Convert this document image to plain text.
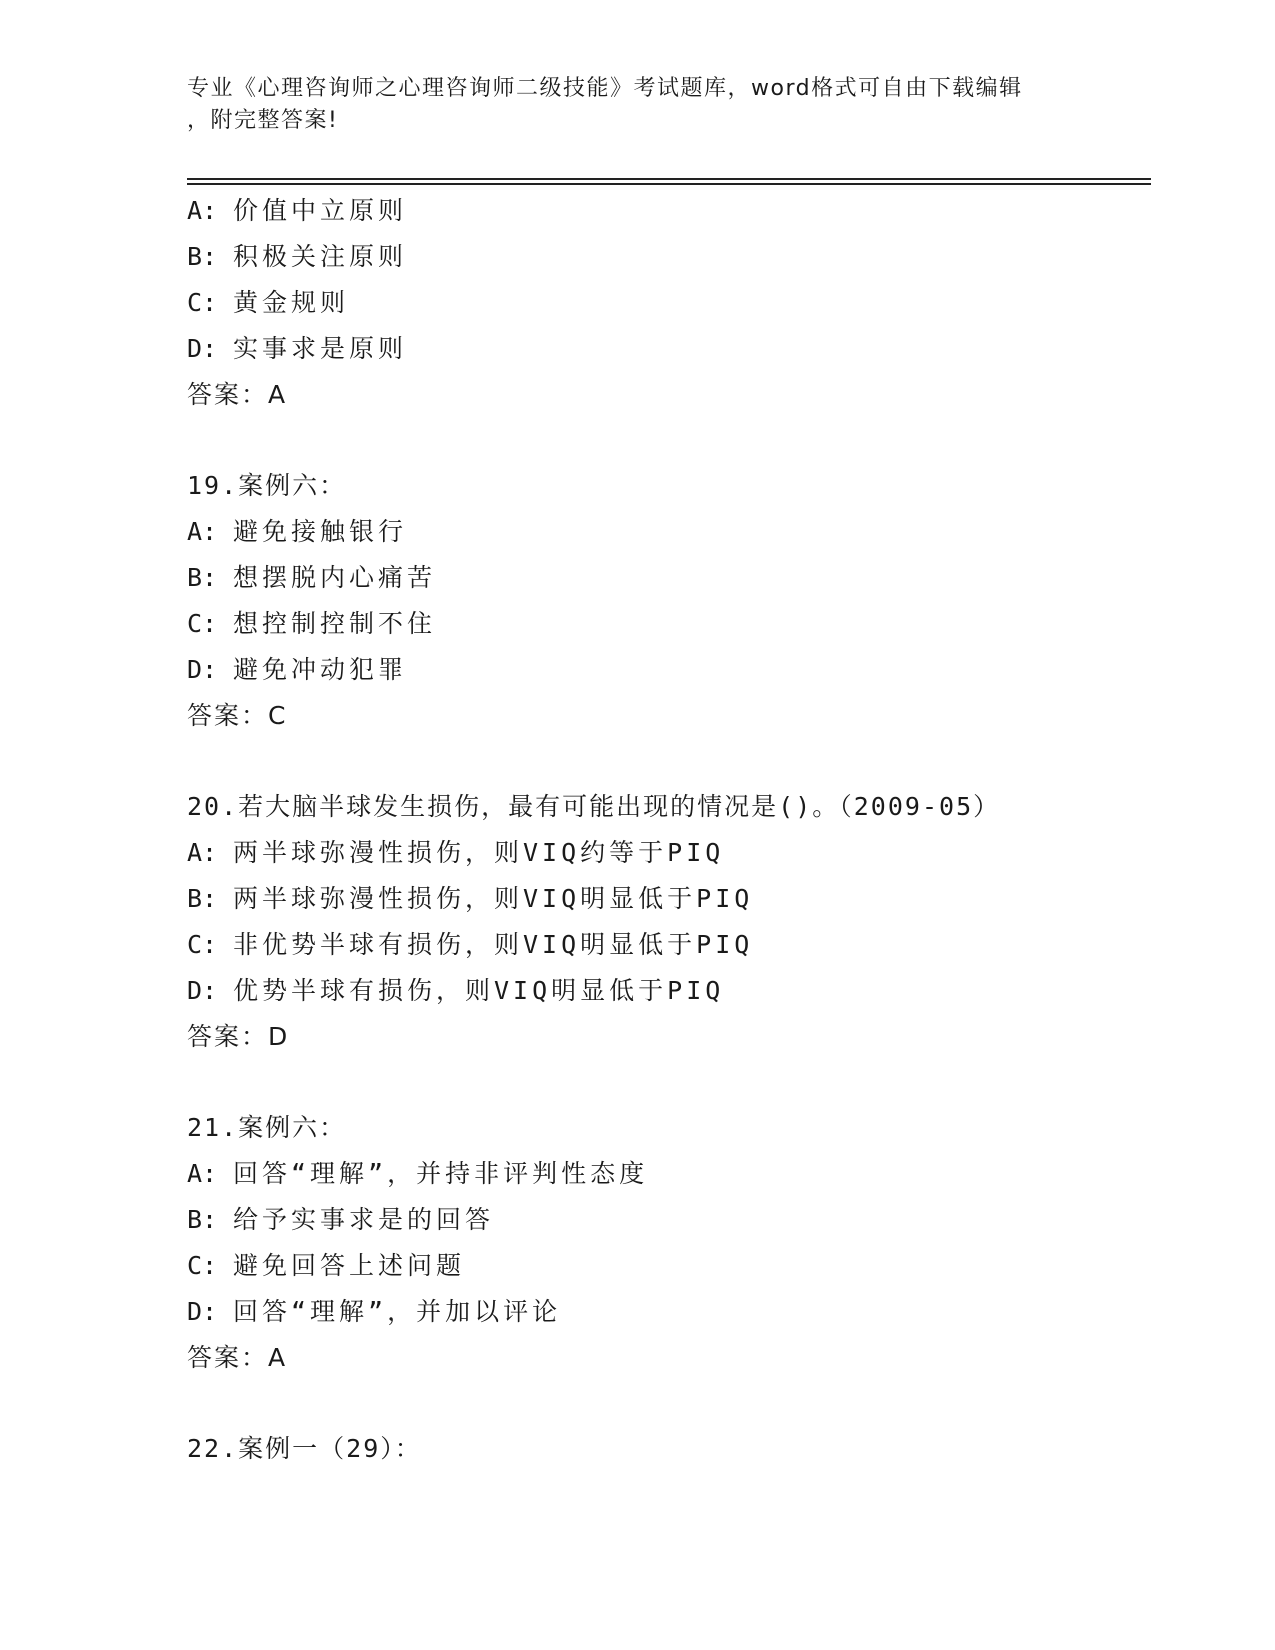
专业《心理咨询师之心理咨询师二级技能》考试题库，word格式可自由下载编辑

，附完整答案!

A: 价值中立原则
B: 积极关注原则
C: 黄金规则
D: 实事求是原则
答案：A
19.案例六：
A: 避免接触银行
B: 想摆脱内心痛苦
C: 想控制控制不住
D: 避免冲动犯罪
答案：C
20.若大脑半球发生损伤，最有可能出现的情况是()。（2009-05）
A: 两半球弥漫性损伤，则VIQ约等于PIQ
B: 两半球弥漫性损伤，则VIQ明显低于PIQ
C: 非优势半球有损伤，则VIQ明显低于PIQ
D: 优势半球有损伤，则VIQ明显低于PIQ
答案：D
21.案例六：
A: 回答“理解”，并持非评判性态度
B: 给予实事求是的回答
C: 避免回答上述问题
D: 回答“理解”，并加以评论
答案：A
22.案例一（29）：
